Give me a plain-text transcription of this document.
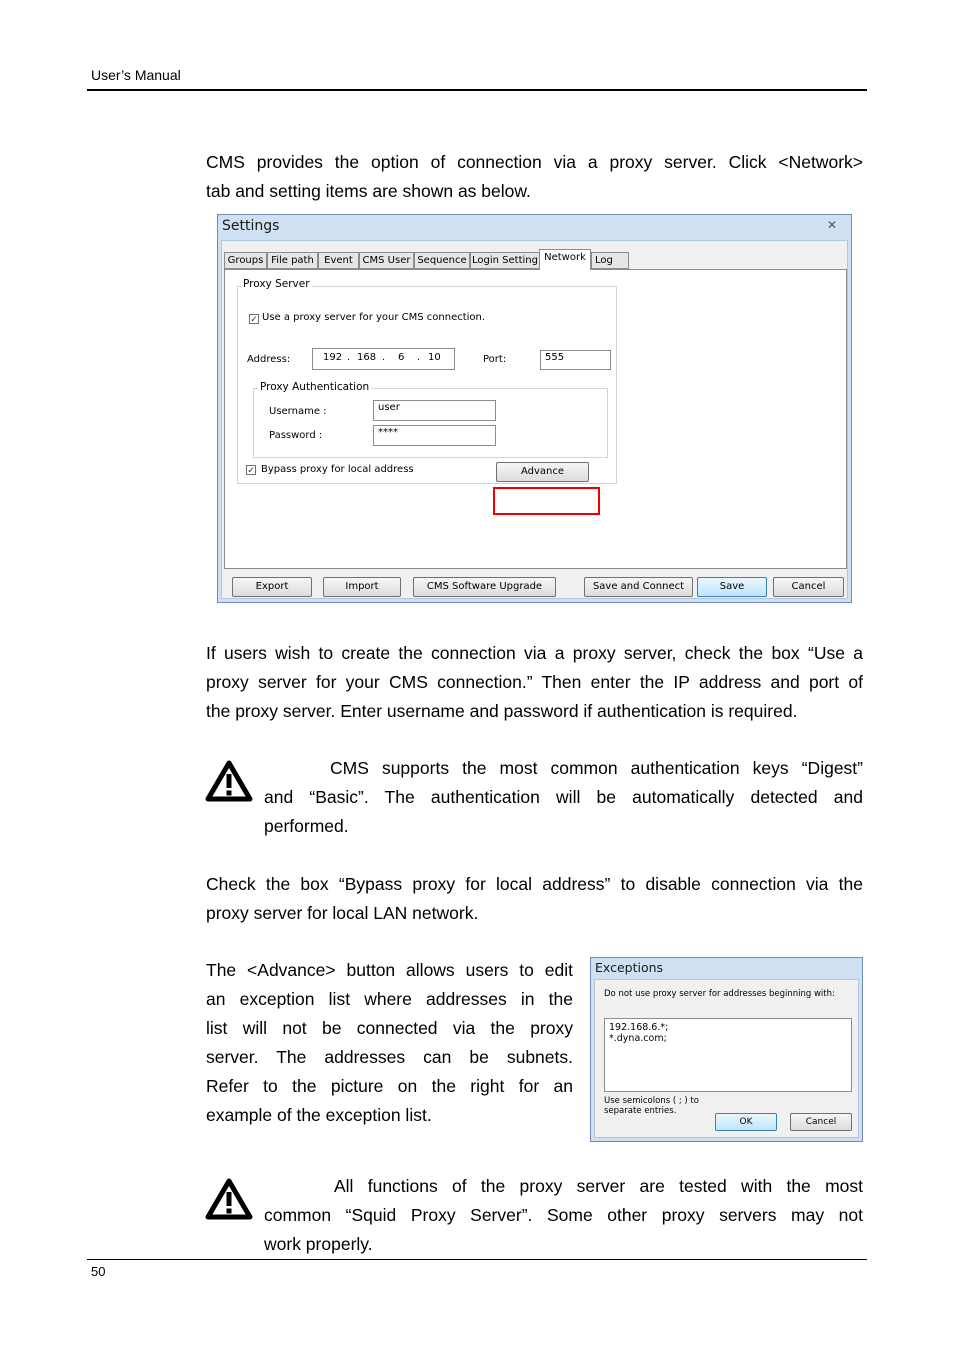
User’s Manual
CMS provides the option of connection via a proxy server. Click <Network>
tab and setting items are shown as below.
Settings	✕
Groups File path	Event CMS User Sequence Login Setting Network Log
Proxy Server
✓ Use a proxy server for your CMS connection.
Address:	192 . 168 . 6 . 10	Port:	555
Proxy Authentication
Username :	user
Password :	****
✓ Bypass proxy for local address	Advance
Export	Import	CMS Software Upgrade	Save and Connect	Save	Cancel
If users wish to create the connection via a proxy server, check the box “Use a
proxy server for your CMS connection.” Then enter the IP address and port of
the proxy server. Enter username and password if authentication is required.
CMS supports the most common authentication keys “Digest”
and “Basic”. The authentication will be automatically detected and
performed.
Check the box “Bypass proxy for local address” to disable connection via the
proxy server for local LAN network.
The <Advance> button allows users to edit
an exception list where addresses in the
list will not be connected via the proxy
server. The addresses can be subnets.
Refer to the picture on the right for an
example of the exception list.
Exceptions
Do not use proxy server for addresses beginning with:
192.168.6.*;
*.dyna.com;
Use semicolons ( ; ) to
separate entries.
OK	Cancel
All functions of the proxy server are tested with the most
common “Squid Proxy Server”. Some other proxy servers may not
work properly.
50
